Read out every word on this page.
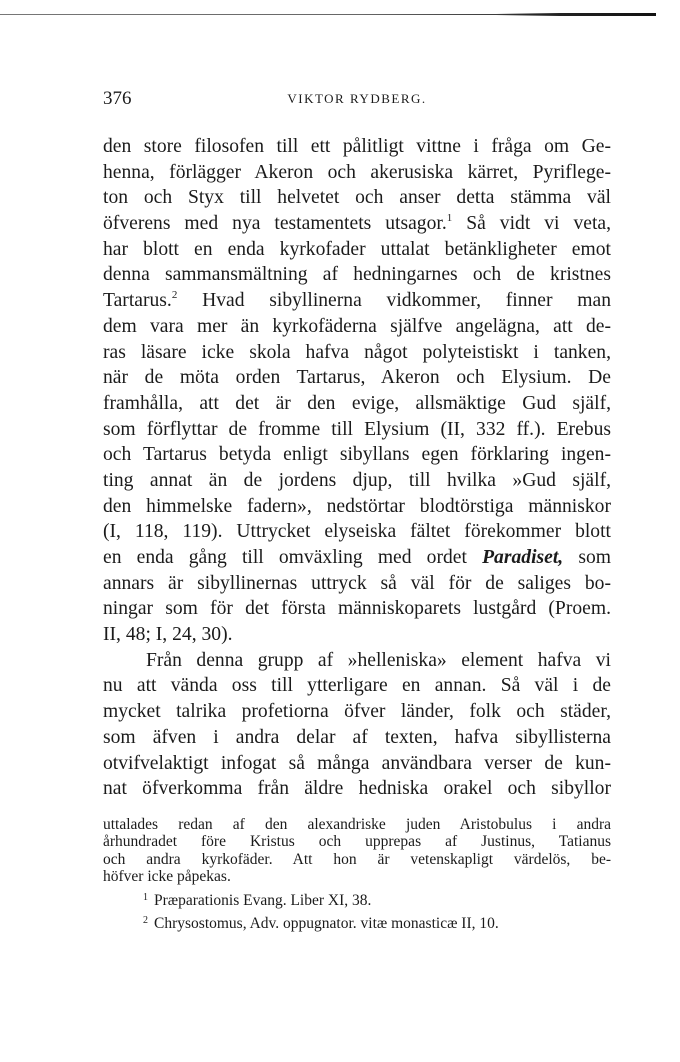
376	VIKTOR RYDBERG.
den store filosofen till ett pålitligt vittne i fråga om Ge-
henna, förlägger Akeron och akerusiska kärret, Pyriflege-
ton och Styx till helvetet och anser detta stämma väl
öfverens med nya testamentets utsagor.$^1$ Så vidt vi veta,
har blott en enda kyrkofader uttalat betänkligheter emot
denna sammansmältning af hedningarnes och de kristnes
Tartarus.$^2$ Hvad sibyllinerna vidkommer, finner man
dem vara mer än kyrkofäderna själfve angelägna, att de-
ras läsare icke skola hafva något polyteistiskt i tanken,
när de möta orden Tartarus, Akeron och Elysium. De
framhålla, att det är den evige, allsmäktige Gud själf,
som förflyttar de fromme till Elysium (II, 332 ff.). Erebus
och Tartarus betyda enligt sibyllans egen förklaring ingen-
ting annat än de jordens djup, till hvilka »Gud själf,
den himmelske fadern», nedstörtar blodtörstiga människor
(I, 118, 119). Uttrycket elyseiska fältet förekommer blott
en enda gång till omväxling med ordet Paradiset, som
annars är sibyllinernas uttryck så väl för de saliges bo-
ningar som för det första människoparets lustgård (Proem.
II, 48; I, 24, 30).
Från denna grupp af »helleniska» element hafva vi
nu att vända oss till ytterligare en annan. Så väl i de
mycket talrika profetiorna öfver länder, folk och städer,
som äfven i andra delar af texten, hafva sibyllisterna
otvifvelaktigt infogat så många användbara verser de kun-
nat öfverkomma från äldre hedniska orakel och sibyllor
uttalades redan af den alexandriske juden Aristobulus i andra
århundradet före Kristus och upprepas af Justinus, Tatianus
och andra kyrkofäder. Att hon är vetenskapligt värdelös, be-
höfver icke påpekas.
$^1$ Præparationis Evang. Liber XI, 38.
$^2$ Chrysostomus, Adv. oppugnator. vitæ monasticæ II, 10.
